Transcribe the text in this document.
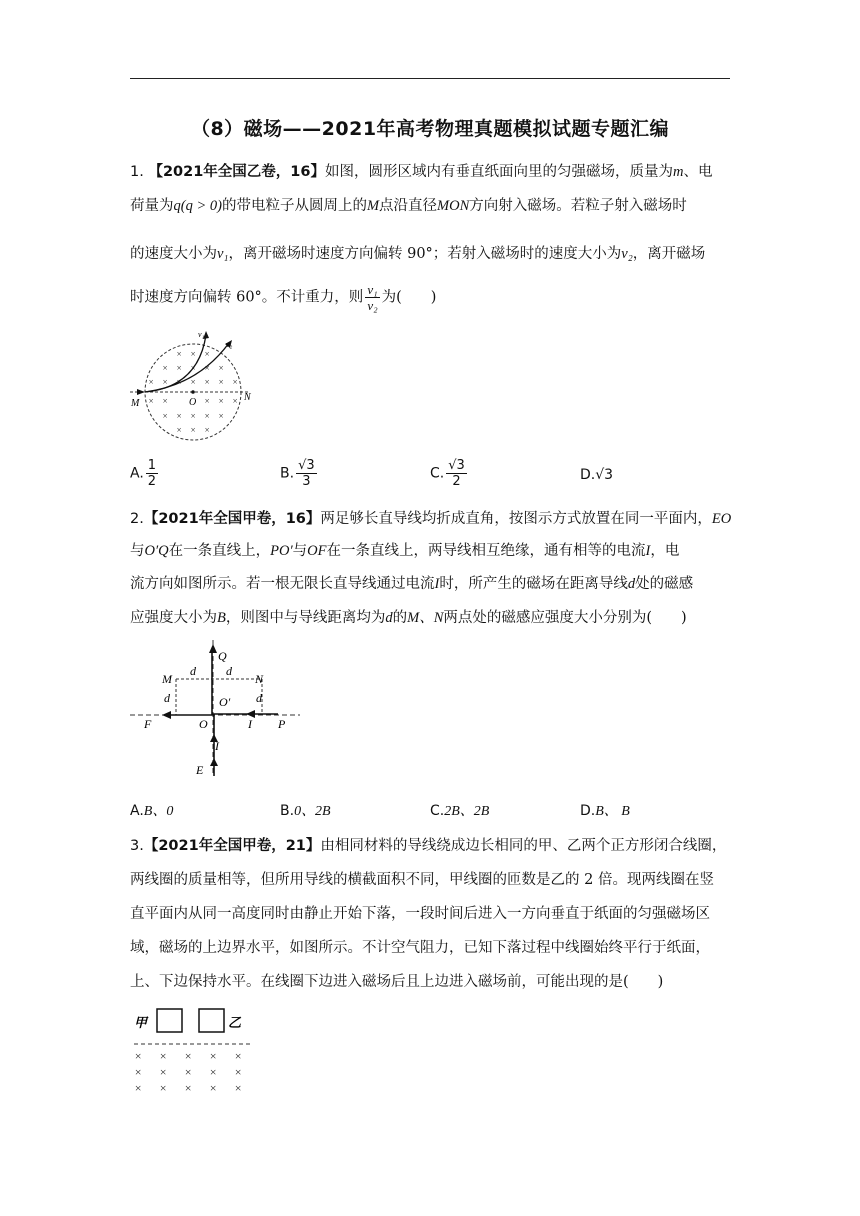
（8）磁场——2021年高考物理真题模拟试题专题汇编
1. 【2021年全国乙卷，16】如图，圆形区域内有垂直纸面向里的匀强磁场，质量为m、电
荷量为q(q > 0)的带电粒子从圆周上的M点沿直径MON方向射入磁场。若粒子射入磁场时
的速度大小为v₁，离开磁场时速度方向偏转 90°；若射入磁场时的速度大小为v₂，离开磁场
时速度方向偏转 60°。不计重力，则 $\frac{\text{v₁}}{\text{v₂}}$ 为(　　)
× × ×
× × × × ×
× × × × × × ×
× ×	× × ×
× × × × ×
× × ×
v₁
v₂
M	O	N
A. $\frac{1}{2}$	B. $\frac{√3}{3}$	C. $\frac{√3}{2}$	D.√3
2.【2021年全国甲卷，16】两足够长直导线均折成直角，按图示方式放置在同一平面内，EO
与O′Q在一条直线上，PO′与OF在一条直线上，两导线相互绝缘，通有相等的电流I，电
流方向如图所示。若一根无限长直导线通过电流I时，所产生的磁场在距离导线d处的磁感
应强度大小为B，则图中与导线距离均为d的M、N两点处的磁感应强度大小分别为(　　)
Q
d	d
M	N
d	d
O′
F	O	I P
I
E
A.B、0	B.0、2B	C.2B、2B	D.B、 B
3.【2021年全国甲卷，21】由相同材料的导线绕成边长相同的甲、乙两个正方形闭合线圈，
两线圈的质量相等，但所用导线的横截面积不同，甲线圈的匝数是乙的 2 倍。现两线圈在竖
直平面内从同一高度同时由静止开始下落，一段时间后进入一方向垂直于纸面的匀强磁场区
域，磁场的上边界水平，如图所示。不计空气阻力，已知下落过程中线圈始终平行于纸面，
上、下边保持水平。在线圈下边进入磁场后且上边进入磁场前，可能出现的是(　　)
甲	乙
× × × × ×
× × × × ×
× × × × ×
